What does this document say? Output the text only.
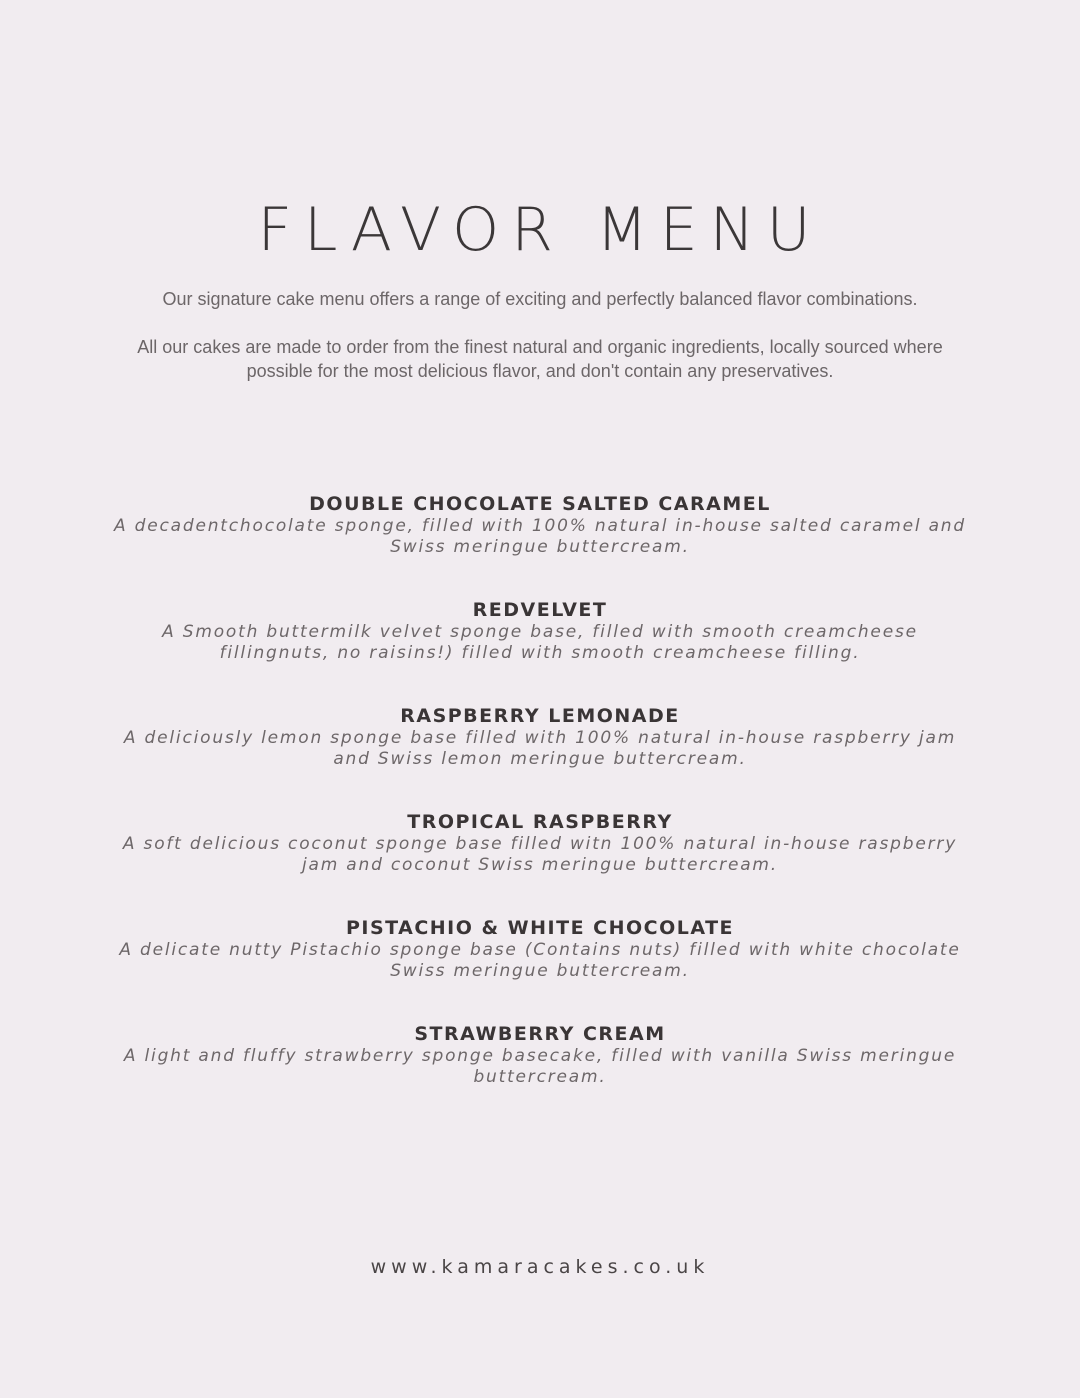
FLAVOR MENU

Our signature cake menu offers a range of exciting and perfectly balanced flavor combinations.

All our cakes are made to order from the finest natural and organic ingredients, locally sourced where possible for the most delicious flavor, and don't contain any preservatives.

DOUBLE CHOCOLATE SALTED CARAMEL

A decadentchocolate sponge, filled with 100% natural in-house salted caramel and Swiss meringue buttercream.

REDVELVET

A Smooth buttermilk velvet sponge base, filled with smooth creamcheese fillingnuts, no raisins!) filled with smooth creamcheese filling.

RASPBERRY LEMONADE

A deliciously lemon sponge base filled with 100% natural in-house raspberry jam and Swiss lemon meringue buttercream.

TROPICAL RASPBERRY

A soft delicious coconut sponge base filled witn 100% natural in-house raspberry jam and coconut Swiss meringue buttercream.

PISTACHIO & WHITE CHOCOLATE

A delicate nutty Pistachio sponge base (Contains nuts) filled with white chocolate Swiss meringue buttercream.

STRAWBERRY CREAM

A light and fluffy strawberry sponge basecake, filled with vanilla Swiss meringue buttercream.

www.kamaracakes.co.uk
